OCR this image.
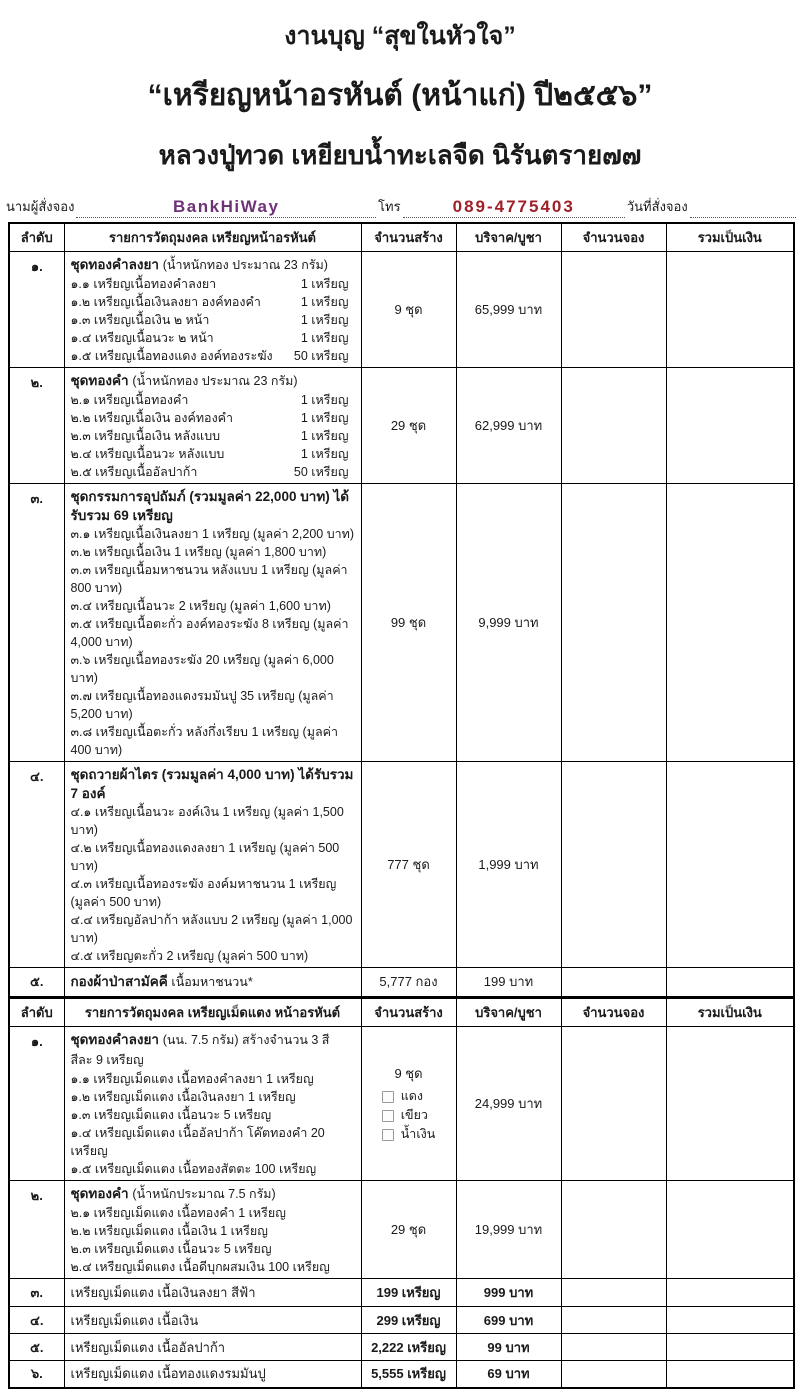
งานบุญ “สุขในหัวใจ”
“เหรียญหน้าอรหันต์ (หน้าแก่) ปี๒๕๕๖”
หลวงปู่ทวด เหยียบน้ำทะเลจืด นิรันตราย๗๗
นามผู้สั่งจอง	BankHiWay	โทร	089-4775403	วันที่สั่งจอง
ลำดับ	รายการวัตถุมงคล เหรียญหน้าอรหันต์	จำนวนสร้าง	บริจาค/บูชา	จำนวนจอง	รวมเป็นเงิน
๑.	ชุดทองคำลงยา (น้ำหนักทอง ประมาณ 23 กรัม)
๑.๑ เหรียญเนื้อทองคำลงยา	1 เหรียญ
๑.๒ เหรียญเนื้อเงินลงยา องค์ทองคำ	1 เหรียญ
๑.๓ เหรียญเนื้อเงิน ๒ หน้า	1 เหรียญ
๑.๔ เหรียญเนื้อนวะ ๒ หน้า	1 เหรียญ
๑.๕ เหรียญเนื้อทองแดง องค์ทองระฆัง 50 เหรียญ
	9 ชุด	65,999 บาท		
๒.	ชุดทองคำ (น้ำหนักทอง ประมาณ 23 กรัม)
๒.๑ เหรียญเนื้อทองคำ	1 เหรียญ
๒.๒ เหรียญเนื้อเงิน องค์ทองคำ	1 เหรียญ
๒.๓ เหรียญเนื้อเงิน หลังแบบ	1 เหรียญ
๒.๔ เหรียญเนื้อนวะ หลังแบบ	1 เหรียญ
๒.๕ เหรียญเนื้ออัลปาก้า	50 เหรียญ
	29 ชุด	62,999 บาท		
๓.	ชุดกรรมการอุปถัมภ์ (รวมมูลค่า 22,000 บาท) ได้รับรวม 69 เหรียญ
๓.๑ เหรียญเนื้อเงินลงยา 1 เหรียญ (มูลค่า 2,200 บาท)
๓.๒ เหรียญเนื้อเงิน 1 เหรียญ (มูลค่า 1,800 บาท)
๓.๓ เหรียญเนื้อมหาชนวน หลังแบบ 1 เหรียญ (มูลค่า 800 บาท)
๓.๔ เหรียญเนื้อนวะ 2 เหรียญ (มูลค่า 1,600 บาท)
๓.๕ เหรียญเนื้อตะกั่ว องค์ทองระฆัง 8 เหรียญ (มูลค่า 4,000 บาท)
๓.๖ เหรียญเนื้อทองระฆัง 20 เหรียญ (มูลค่า 6,000 บาท)
๓.๗ เหรียญเนื้อทองแดงรมมันปู 35 เหรียญ (มูลค่า 5,200 บาท)
๓.๘ เหรียญเนื้อตะกั่ว หลังกึ่งเรียบ 1 เหรียญ (มูลค่า 400 บาท)
	99 ชุด	9,999 บาท		
๔.	ชุดถวายผ้าไตร (รวมมูลค่า 4,000 บาท) ได้รับรวม 7 องค์
๔.๑ เหรียญเนื้อนวะ องค์เงิน 1 เหรียญ (มูลค่า 1,500 บาท)
๔.๒ เหรียญเนื้อทองแดงลงยา 1 เหรียญ (มูลค่า 500 บาท)
๔.๓ เหรียญเนื้อทองระฆัง องค์มหาชนวน 1 เหรียญ (มูลค่า 500 บาท)
๔.๔ เหรียญอัลปาก้า หลังแบบ 2 เหรียญ (มูลค่า 1,000 บาท)
๔.๕ เหรียญตะกั่ว 2 เหรียญ (มูลค่า 500 บาท)
	777 ชุด	1,999 บาท		
๕.	กองผ้าป่าสามัคคี เนื้อมหาชนวน*	5,777 กอง	199 บาท		
ลำดับ	รายการวัตถุมงคล เหรียญเม็ดแตง หน้าอรหันต์	จำนวนสร้าง	บริจาค/บูชา	จำนวนจอง	รวมเป็นเงิน
๑.	ชุดทองคำลงยา (นน. 7.5 กรัม) สร้างจำนวน 3 สี สีละ 9 เหรียญ
๑.๑ เหรียญเม็ดแตง เนื้อทองคำลงยา 1 เหรียญ
๑.๒ เหรียญเม็ดแตง เนื้อเงินลงยา 1 เหรียญ
๑.๓ เหรียญเม็ดแตง เนื้อนวะ 5 เหรียญ
๑.๔ เหรียญเม็ดแตง เนื้ออัลปาก้า โค๊ตทองคำ 20 เหรียญ
๑.๕ เหรียญเม็ดแตง เนื้อทองสัตตะ 100 เหรียญ

9 ชุด
แดง
เขียว
น้ำเงิน
	24,999 บาท		
๒.	ชุดทองคำ (น้ำหนักประมาณ 7.5 กรัม)
๒.๑ เหรียญเม็ดแตง เนื้อทองคำ 1 เหรียญ
๒.๒ เหรียญเม็ดแตง เนื้อเงิน 1 เหรียญ
๒.๓ เหรียญเม็ดแตง เนื้อนวะ 5 เหรียญ
๒.๔ เหรียญเม็ดแตง เนื้อดีบุกผสมเงิน 100 เหรียญ	29 ชุด	19,999 บาท		
๓.	เหรียญเม็ดแตง เนื้อเงินลงยา สีฟ้า	199 เหรียญ	999 บาท		
๔.	เหรียญเม็ดแตง เนื้อเงิน	299 เหรียญ	699 บาท		
๕.	เหรียญเม็ดแตง เนื้ออัลปาก้า	2,222 เหรียญ	99 บาท		
๖.	เหรียญเม็ดแตง เนื้อทองแดงรมมันปู	5,555 เหรียญ	69 บาท		
